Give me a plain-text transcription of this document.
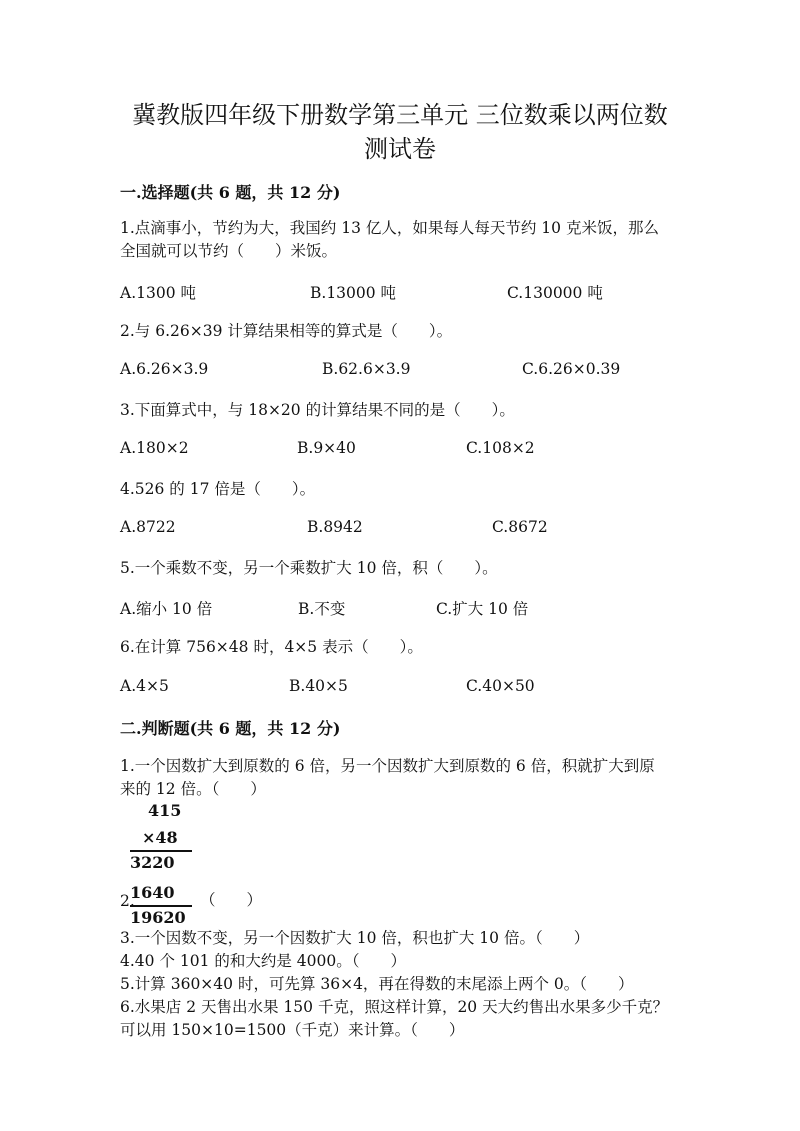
冀教版四年级下册数学第三单元 三位数乘以两位数
测试卷
一.选择题(共 6 题，共 12 分)
1.点滴事小，节约为大，我国约 13 亿人，如果每人每天节约 10 克米饭，那么
全国就可以节约（　　）米饭。
A.1300 吨	B.13000 吨	C.130000 吨
2.与 6.26×39 计算结果相等的算式是（　　）。
A.6.26×3.9	B.62.6×3.9	C.6.26×0.39
3.下面算式中，与 18×20 的计算结果不同的是（　　）。
A.180×2	B.9×40	C.108×2
4.526 的 17 倍是（　　）。
A.8722	B.8942	C.8672
5.一个乘数不变，另一个乘数扩大 10 倍，积（　　）。
A.缩小 10 倍	B.不变	C.扩大 10 倍
6.在计算 756×48 时，4×5 表示（　　）。
A.4×5	B.40×5	C.40×50
二.判断题(共 6 题，共 12 分)
1.一个因数扩大到原数的 6 倍，另一个因数扩大到原数的 6 倍，积就扩大到原
来的 12 倍。（　　）
415
×48
3220
1640
19620
2.	（　　）
3.一个因数不变，另一个因数扩大 10 倍，积也扩大 10 倍。（　　）
4.40 个 101 的和大约是 4000。（　　）
5.计算 360×40 时，可先算 36×4，再在得数的末尾添上两个 0。（　　）
6.水果店 2 天售出水果 150 千克，照这样计算，20 天大约售出水果多少千克？
可以用 150×10=1500（千克）来计算。（　　）
